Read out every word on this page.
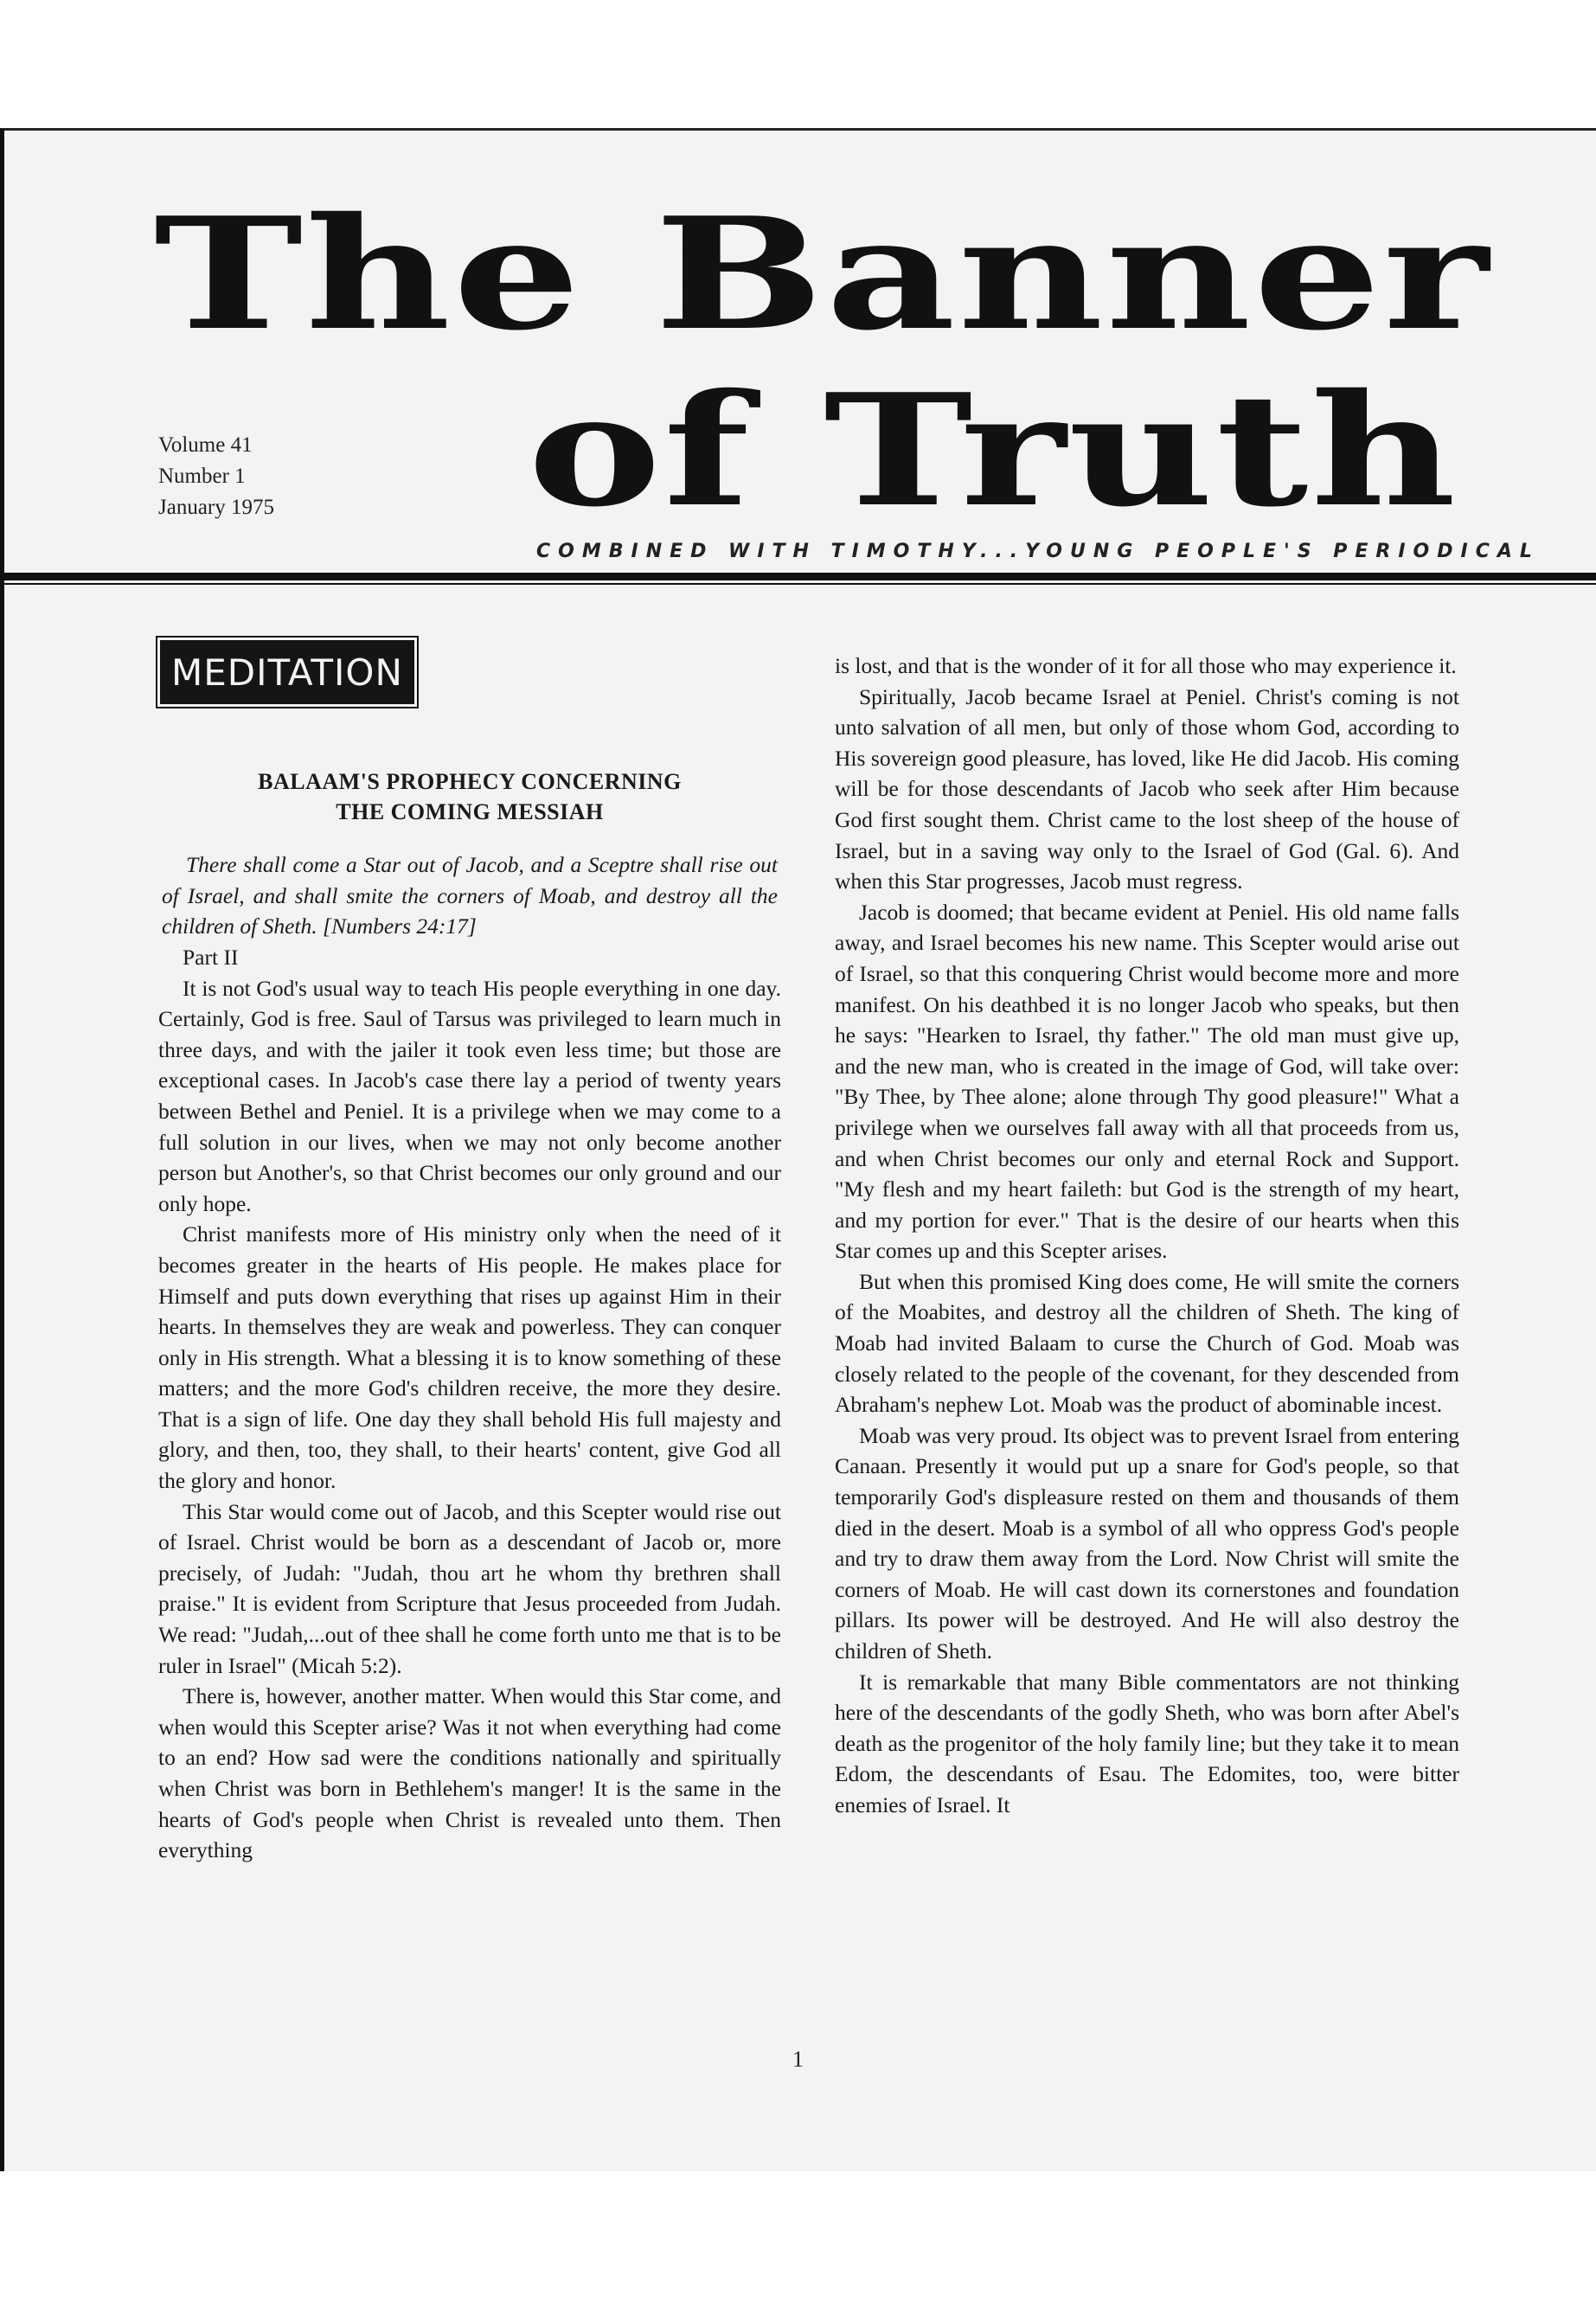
The Banner
of Truth
Volume 41
Number 1
January 1975
COMBINED WITH TIMOTHY...YOUNG PEOPLE'S PERIODICAL
MEDITATION
BALAAM'S PROPHECY CONCERNING
THE COMING MESSIAH

There shall come a Star out of Jacob, and a Sceptre shall rise out of Israel, and shall smite the corners of Moab, and destroy all the children of Sheth. [Numbers 24:17]

Part II

It is not God's usual way to teach His people everything in one day. Certainly, God is free. Saul of Tarsus was privileged to learn much in three days, and with the jailer it took even less time; but those are exceptional cases. In Jacob's case there lay a period of twenty years between Bethel and Peniel. It is a privilege when we may come to a full solution in our lives, when we may not only become another person but Another's, so that Christ becomes our only ground and our only hope.

Christ manifests more of His ministry only when the need of it becomes greater in the hearts of His people. He makes place for Himself and puts down everything that rises up against Him in their hearts. In themselves they are weak and powerless. They can conquer only in His strength. What a blessing it is to know something of these matters; and the more God's children receive, the more they desire. That is a sign of life. One day they shall behold His full majesty and glory, and then, too, they shall, to their hearts' content, give God all the glory and honor.

This Star would come out of Jacob, and this Scepter would rise out of Israel. Christ would be born as a descendant of Jacob or, more precisely, of Judah: "Judah, thou art he whom thy brethren shall praise." It is evident from Scripture that Jesus proceeded from Judah. We read: "Judah,...out of thee shall he come forth unto me that is to be ruler in Israel" (Micah 5:2).

There is, however, another matter. When would this Star come, and when would this Scepter arise? Was it not when everything had come to an end? How sad were the conditions nationally and spiritually when Christ was born in Bethlehem's manger! It is the same in the hearts of God's people when Christ is revealed unto them. Then everything

is lost, and that is the wonder of it for all those who may experience it.

Spiritually, Jacob became Israel at Peniel. Christ's coming is not unto salvation of all men, but only of those whom God, according to His sovereign good pleasure, has loved, like He did Jacob. His coming will be for those descendants of Jacob who seek after Him because God first sought them. Christ came to the lost sheep of the house of Israel, but in a saving way only to the Israel of God (Gal. 6). And when this Star progresses, Jacob must regress.

Jacob is doomed; that became evident at Peniel. His old name falls away, and Israel becomes his new name. This Scepter would arise out of Israel, so that this conquering Christ would become more and more manifest. On his deathbed it is no longer Jacob who speaks, but then he says: "Hearken to Israel, thy father." The old man must give up, and the new man, who is created in the image of God, will take over: "By Thee, by Thee alone; alone through Thy good pleasure!" What a privilege when we ourselves fall away with all that proceeds from us, and when Christ becomes our only and eternal Rock and Support. "My flesh and my heart faileth: but God is the strength of my heart, and my portion for ever." That is the desire of our hearts when this Star comes up and this Scepter arises.

But when this promised King does come, He will smite the corners of the Moabites, and destroy all the children of Sheth. The king of Moab had invited Balaam to curse the Church of God. Moab was closely related to the people of the covenant, for they descended from Abraham's nephew Lot. Moab was the product of abominable incest.

Moab was very proud. Its object was to prevent Israel from entering Canaan. Presently it would put up a snare for God's people, so that temporarily God's displeasure rested on them and thousands of them died in the desert. Moab is a symbol of all who oppress God's people and try to draw them away from the Lord. Now Christ will smite the corners of Moab. He will cast down its cornerstones and foundation pillars. Its power will be destroyed. And He will also destroy the children of Sheth.

It is remarkable that many Bible commentators are not thinking here of the descendants of the godly Sheth, who was born after Abel's death as the progenitor of the holy family line; but they take it to mean Edom, the descendants of Esau. The Edomites, too, were bitter enemies of Israel. It

1
